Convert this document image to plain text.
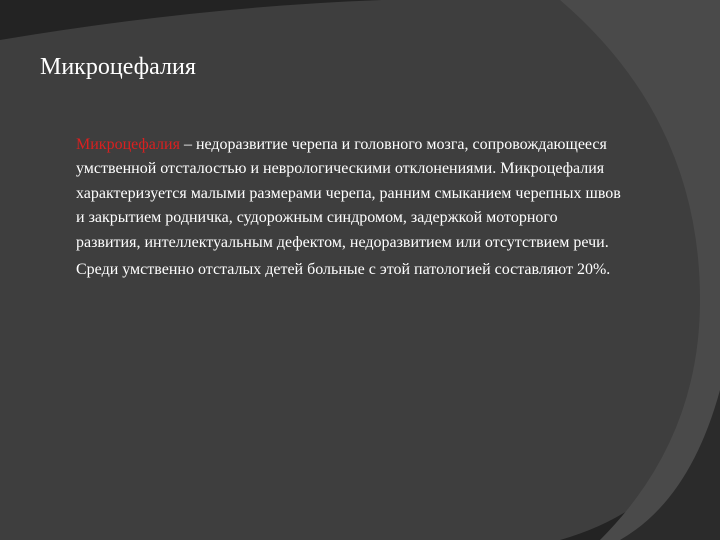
Микроцефалия

Микроцефалия – недоразвитие черепа и головного мозга, сопровождающееся умственной отсталостью и неврологическими отклонениями. Микроцефалия характеризуется малыми размерами черепа, ранним смыканием черепных швов и закрытием родничка, судорожным синдромом, задержкой моторного развития, интеллектуальным дефектом, недоразвитием или отсутствием речи.

Среди умственно отсталых детей больные с этой патологией составляют 20%.
